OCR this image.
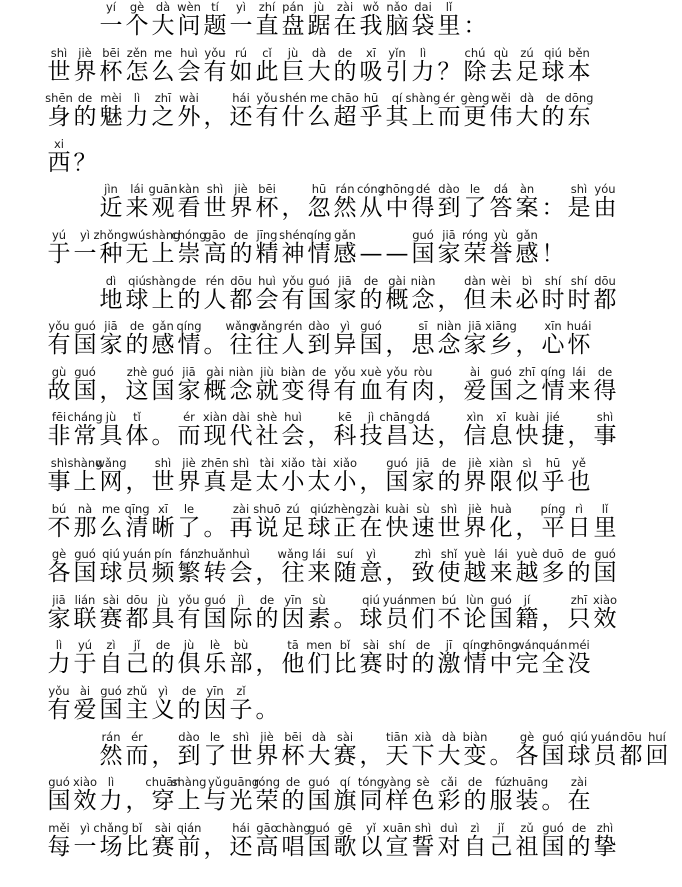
一
yí
个
gè
大
dà
问
wèn
题
tí
一
yì
直
zhí
盘
pán
踞
jù
在
zài
我
wǒ
脑
nǎo
袋
dai
里
lǐ
：
世
shì
界
jiè
杯
bēi
怎
zěn
么
me
会
huì
有
yǒu
如
rú
此
cǐ
巨
jù
大
dà
的
de
吸
xī
引
yǐn
力
lì
？ 除
chú
去
qù
足
zú
球
qiú
本
běn
身
shēn
的
de
魅
mèi
力
lì
之
zhī
外
wài
， 还
hái
有
yǒu
什
shén
么
me
超
chāo
乎
hū
其
qí
上
shàng
而
ér
更
gèng
伟
wěi
大
dà
的
de
东
dōng
西
xi
？
近
jìn
来
lái
观
guān
看
kàn
世
shì
界
jiè
杯
bēi
， 忽
hū
然
rán
从
cóng
中
zhōng
得
dé
到
dào
了
le
答
dá
案
àn
： 是
shì
由
yóu
于
yú
一
yì
种
zhǒng
无
wú
上
shàng
崇
chóng
高
gāo
的
de
精
jīng
神
shén
情
qíng
感
gǎn
— — 国
guó
家
jiā
荣
róng
誉
yù
感
gǎn
！
地
dì
球
qiú
上
shàng
的
de
人
rén
都
dōu
会
huì
有
yǒu
国
guó
家
jiā
的
de
概
gài
念
niàn
， 但
dàn
未
wèi
必
bì
时
shí
时
shí
都
dōu
有
yǒu
国
guó
家
jiā
的
de
感
gǎn
情
qíng
。 往
wǎng
往
wǎng
人
rén
到
dào
异
yì
国
guó
， 思
sī
念
niàn
家
jiā
乡
xiāng
， 心
xīn
怀
huái
故
gù
国
guó
， 这
zhè
国
guó
家
jiā
概
gài
念
niàn
就
jiù
变
biàn
得
de
有
yǒu
血
xuè
有
yǒu
肉
ròu
， 爱
ài
国
guó
之
zhī
情
qíng
来
lái
得
de
非
fēi
常
cháng
具
jù
体
tǐ
。 而
ér
现
xiàn
代
dài
社
shè
会
huì
， 科
kē
技
jì
昌
chāng
达
dá
， 信
xìn
息
xī
快
kuài
捷
jié
， 事
shì
事
shì
上
shàng
网
wǎng
， 世
shì
界
jiè
真
zhēn
是
shì
太
tài
小
xiǎo
太
tài
小
xiǎo
， 国
guó
家
jiā
的
de
界
jiè
限
xiàn
似
sì
乎
hū
也
yě
不
bú
那
nà
么
me
清
qīng
晰
xī
了
le
。 再
zài
说
shuō
足
zú
球
qiú
正
zhèng
在
zài
快
kuài
速
sù
世
shì
界
jiè
化
huà
， 平
píng
日
rì
里
lǐ
各
gè
国
guó
球
qiú
员
yuán
频
pín
繁
fán
转
zhuǎn
会
huì
， 往
wǎng
来
lái
随
suí
意
yì
， 致
zhì
使
shǐ
越
yuè
来
lái
越
yuè
多
duō
的
de
国
guó
家
jiā
联
lián
赛
sài
都
dōu
具
jù
有
yǒu
国
guó
际
jì
的
de
因
yīn
素
sù
。 球
qiú
员
yuán
们
men
不
bú
论
lùn
国
guó
籍
jí
， 只
zhī
效
xiào
力
lì
于
yú
自
zì
己
jǐ
的
de
俱
jù
乐
lè
部
bù
， 他
tā
们
men
比
bǐ
赛
sài
时
shí
的
de
激
jī
情
qíng
中
zhōng
完
wán
全
quán
没
méi
有
yǒu
爱
ài
国
guó
主
zhǔ
义
yì
的
de
因
yīn
子
zǐ
。
然
rán
而
ér
， 到
dào
了
le
世
shì
界
jiè
杯
bēi
大
dà
赛
sài
， 天
tiān
下
xià
大
dà
变
biàn
。 各
gè
国
guó
球
qiú
员
yuán
都
dōu
回
huí
国
guó
效
xiào
力
lì
， 穿
chuān
上
shàng
与
yǔ
光
guāng
荣
róng
的
de
国
guó
旗
qí
同
tóng
样
yàng
色
sè
彩
cǎi
的
de
服
fú
装
zhuāng
。 在
zài
每
měi
一
yì
场
chǎng
比
bǐ
赛
sài
前
qián
， 还
hái
高
gāo
唱
chàng
国
guó
歌
gē
以
yǐ
宣
xuān
誓
shì
对
duì
自
zì
己
jǐ
祖
zǔ
国
guó
的
de
挚
zhì
